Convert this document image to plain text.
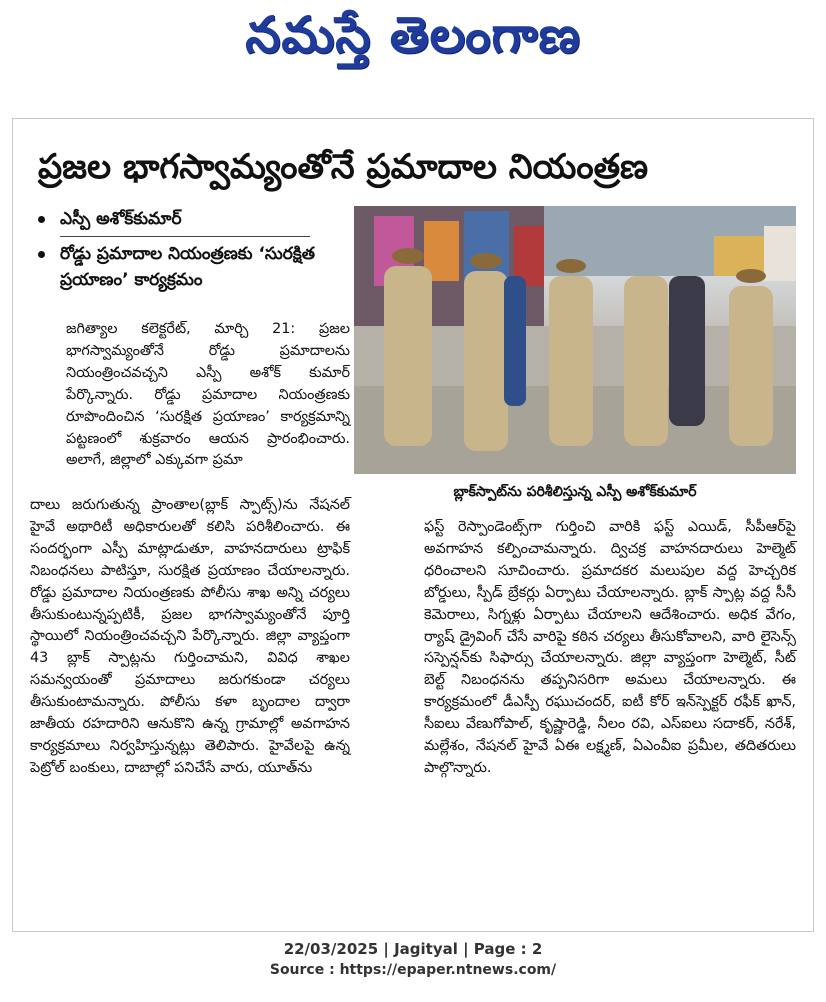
నమస్తే తెలంగాణ
ప్రజల భాగస్వామ్యంతోనే ప్రమాదాల నియంత్రణ
ఎస్పీ అశోక్‌కుమార్
రోడ్డు ప్రమాదాల నియంత్రణకు ‘సురక్షిత ప్రయాణం’ కార్యక్రమం
బ్లాక్‌స్పాట్‌ను పరిశీలిస్తున్న ఎస్పీ అశోక్‌కుమార్
జగిత్యాల కలెక్టరేట్‌, మార్చి 21: ప్రజల భాగస్వామ్యంతోనే రోడ్డు ప్రమాదాలను నియంత్రించవచ్చని ఎస్పీ అశోక్‌ కుమార్‌ పేర్కొన్నారు. రోడ్డు ప్రమాదాల నియంత్రణకు రూపొందించిన ‘సురక్షిత ప్రయాణం’ కార్యక్రమాన్ని పట్టణంలో శుక్రవారం ఆయన ప్రారంభించారు. అలాగే, జిల్లాలో ఎక్కువగా ప్రమా
దాలు జరుగుతున్న ప్రాంతాల(బ్లాక్‌ స్పాట్స్‌)ను నేషనల్‌ హైవే అథారిటీ అధికారులతో కలిసి పరిశీలించారు. ఈ సందర్భంగా ఎస్పీ మాట్లాడుతూ, వాహనదారులు ట్రాఫిక్‌ నిబంధనలు పాటిస్తూ, సురక్షిత ప్రయాణం చేయాలన్నారు. రోడ్డు ప్రమాదాల నియంత్రణకు పోలీసు శాఖ అన్ని చర్యలు తీసుకుంటున్నప్పటికీ, ప్రజల భాగస్వామ్యంతోనే పూర్తి స్థాయిలో నియంత్రించవచ్చని పేర్కొన్నారు. జిల్లా వ్యాప్తంగా 43 బ్లాక్‌ స్పాట్లను గుర్తించామని, వివిధ శాఖల సమన్వయంతో ప్రమాదాలు జరుగకుండా చర్యలు తీసుకుంటామన్నారు. పోలీసు కళా బృందాల ద్వారా జాతీయ రహదారిని ఆనుకొని ఉన్న గ్రామాల్లో అవగాహన కార్యక్రమాలు నిర్వహిస్తున్నట్లు తెలిపారు. హైవేలపై ఉన్న పెట్రోల్‌ బంకులు, దాబాల్లో పనిచేసే వారు, యూత్‌ను
ఫస్ట్‌ రెస్పాండెంట్స్‌గా గుర్తించి వారికి ఫస్ట్‌ ఎయిడ్‌, సీపీఆర్‌పై అవగాహన కల్పించామన్నారు. ద్విచక్ర వాహనదారులు హెల్మెట్‌ ధరించాలని సూచించారు. ప్రమాదకర మలుపుల వద్ద హెచ్చరిక బోర్డులు, స్పీడ్‌ బ్రేకర్లు ఏర్పాటు చేయాలన్నారు. బ్లాక్‌ స్పాట్ల వద్ద సీసీ కెమెరాలు, సిగ్నళ్లు ఏర్పాటు చేయాలని ఆదేశించారు. అధిక వేగం, ర్యాష్‌ డ్రైవింగ్‌ చేసే వారిపై కఠిన చర్యలు తీసుకోవాలని, వారి లైసెన్స్‌ సస్పెన్షన్‌కు సిఫార్సు చేయాలన్నారు. జిల్లా వ్యాప్తంగా హెల్మెట్‌, సీట్‌ బెల్ట్‌ నిబంధనను తప్పనిసరిగా అమలు చేయాలన్నారు. ఈ కార్యక్రమంలో డీఎస్పీ రఘుచందర్‌, ఐటీ కోర్‌ ఇన్‌స్పెక్టర్‌ రఫీక్‌ ఖాన్‌, సీఐలు వేణుగోపాల్‌, కృష్ణారెడ్డి, నీలం రవి, ఎస్‌ఐలు సదాకర్‌, నరేశ్‌, మల్లేశం, నేషనల్‌ హైవే ఏఈ లక్ష్మణ్‌, ఏఎంవీఐ ప్రమీల, తదితరులు పాల్గొన్నారు.
22/03/2025 | Jagityal | Page : 2
Source : https://epaper.ntnews.com/
